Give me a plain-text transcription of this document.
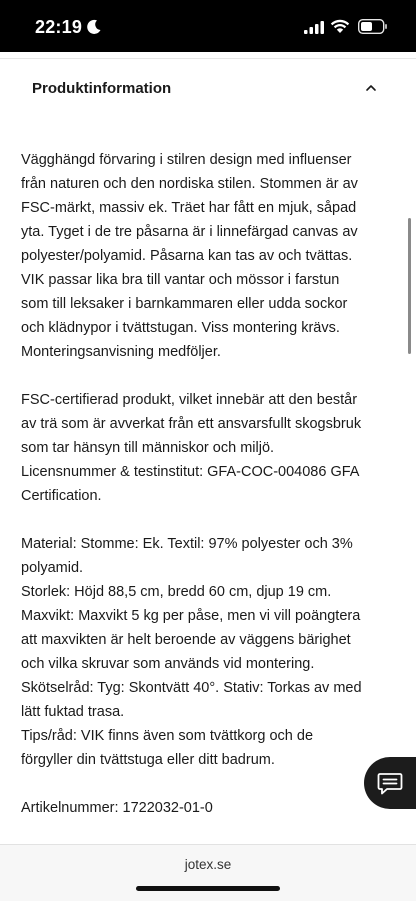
22:19
Produktinformation

Vägghängd förvaring i stilren design med influenser
från naturen och den nordiska stilen. Stommen är av
FSC-märkt, massiv ek. Träet har fått en mjuk, såpad
yta. Tyget i de tre påsarna är i linnefärgad canvas av
polyester/polyamid. Påsarna kan tas av och tvättas.
VIK passar lika bra till vantar och mössor i farstun
som till leksaker i barnkammaren eller udda sockor
och klädnypor i tvättstugan. Viss montering krävs.
Monteringsanvisning medföljer.

FSC-certifierad produkt, vilket innebär att den består
av trä som är avverkat från ett ansvarsfullt skogsbruk
som tar hänsyn till människor och miljö.
Licensnummer & testinstitut: GFA-COC-004086 GFA
Certification.

Material: Stomme: Ek. Textil: 97% polyester och 3%
polyamid.
Storlek: Höjd 88,5 cm, bredd 60 cm, djup 19 cm.
Maxvikt: Maxvikt 5 kg per påse, men vi vill poängtera
att maxvikten är helt beroende av väggens bärighet
och vilka skruvar som används vid montering.
Skötselråd: Tyg: Skontvätt 40°. Stativ: Torkas av med
lätt fuktad trasa.
Tips/råd: VIK finns även som tvättkorg och de
förgyller din tvättstuga eller ditt badrum.

Artikelnummer: 1722032-01-0

jotex.se
